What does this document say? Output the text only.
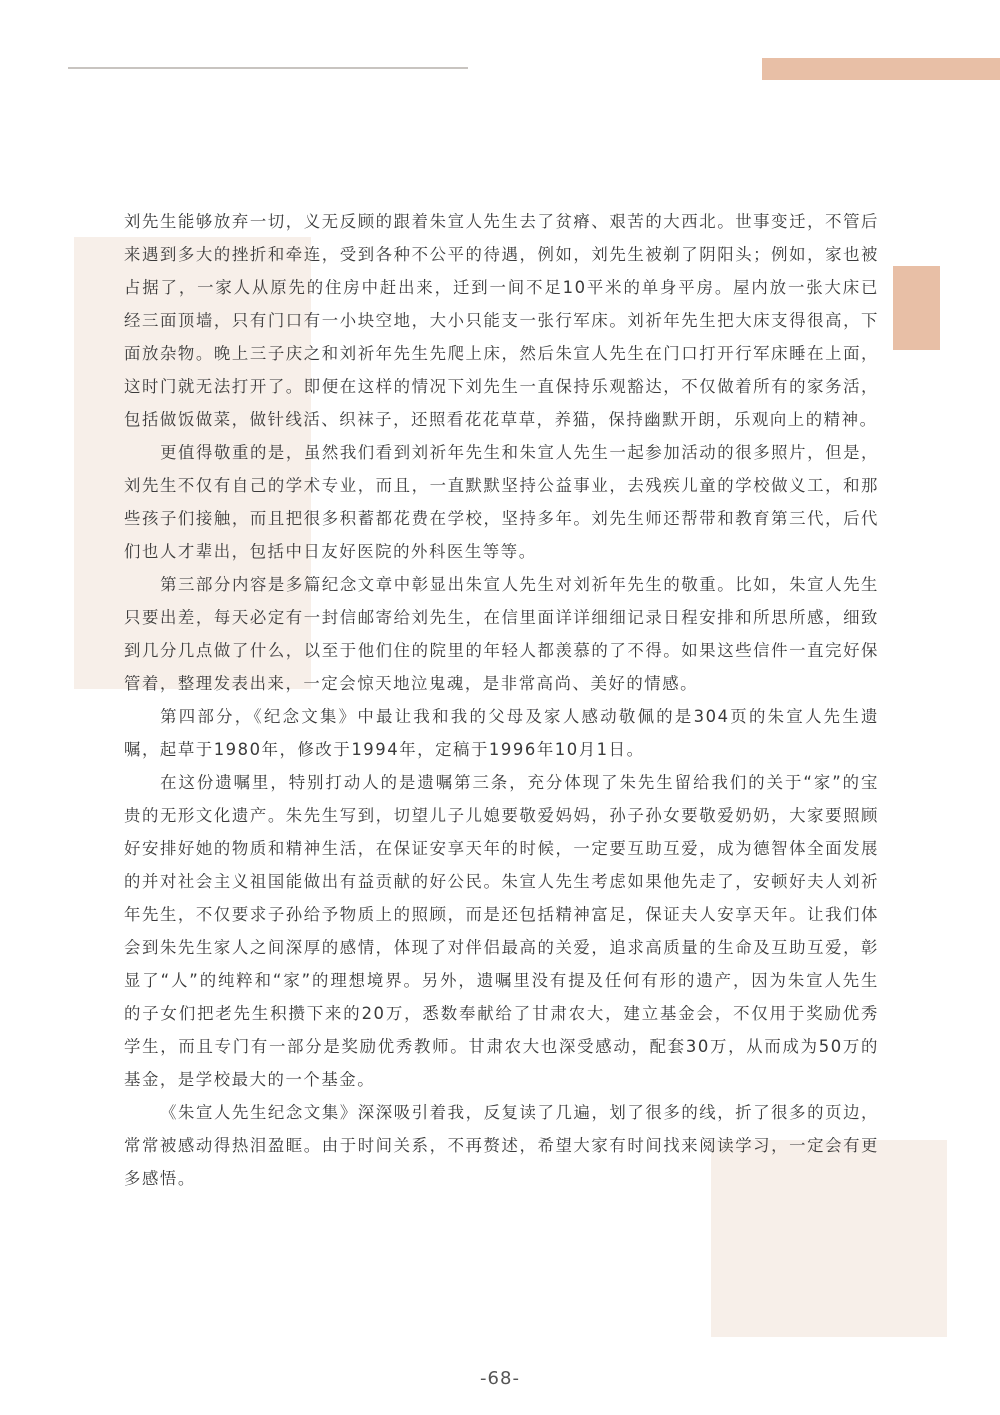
刘先生能够放弃一切，义无反顾的跟着朱宣人先生去了贫瘠、艰苦的大西北。世事变迁，不管后来遇到多大的挫折和牵连，受到各种不公平的待遇，例如，刘先生被剃了阴阳头；例如，家也被占据了，一家人从原先的住房中赶出来，迁到一间不足10平米的单身平房。屋内放一张大床已经三面顶墙，只有门口有一小块空地，大小只能支一张行军床。刘祈年先生把大床支得很高，下面放杂物。晚上三子庆之和刘祈年先生先爬上床，然后朱宣人先生在门口打开行军床睡在上面，这时门就无法打开了。即便在这样的情况下刘先生一直保持乐观豁达，不仅做着所有的家务活，包括做饭做菜，做针线活、织袜子，还照看花花草草，养猫，保持幽默开朗，乐观向上的精神。

更值得敬重的是，虽然我们看到刘祈年先生和朱宣人先生一起参加活动的很多照片，但是，刘先生不仅有自己的学术专业，而且，一直默默坚持公益事业，去残疾儿童的学校做义工，和那些孩子们接触，而且把很多积蓄都花费在学校，坚持多年。刘先生师还帮带和教育第三代，后代们也人才辈出，包括中日友好医院的外科医生等等。

第三部分内容是多篇纪念文章中彰显出朱宣人先生对刘祈年先生的敬重。比如，朱宣人先生只要出差，每天必定有一封信邮寄给刘先生，在信里面详详细细记录日程安排和所思所感，细致到几分几点做了什么，以至于他们住的院里的年轻人都羡慕的了不得。如果这些信件一直完好保管着，整理发表出来，一定会惊天地泣鬼魂，是非常高尚、美好的情感。

第四部分，《纪念文集》中最让我和我的父母及家人感动敬佩的是304页的朱宣人先生遗嘱，起草于1980年，修改于1994年，定稿于1996年10月1日。

在这份遗嘱里，特别打动人的是遗嘱第三条，充分体现了朱先生留给我们的关于“家”的宝贵的无形文化遗产。朱先生写到，切望儿子儿媳要敬爱妈妈，孙子孙女要敬爱奶奶，大家要照顾好安排好她的物质和精神生活，在保证安享天年的时候，一定要互助互爱，成为德智体全面发展的并对社会主义祖国能做出有益贡献的好公民。朱宣人先生考虑如果他先走了，安顿好夫人刘祈年先生，不仅要求子孙给予物质上的照顾，而是还包括精神富足，保证夫人安享天年。让我们体会到朱先生家人之间深厚的感情，体现了对伴侣最高的关爱，追求高质量的生命及互助互爱，彰显了“人”的纯粹和“家”的理想境界。另外，遗嘱里没有提及任何有形的遗产，因为朱宣人先生的子女们把老先生积攒下来的20万，悉数奉献给了甘肃农大，建立基金会，不仅用于奖励优秀学生，而且专门有一部分是奖励优秀教师。甘肃农大也深受感动，配套30万，从而成为50万的基金，是学校最大的一个基金。

《朱宣人先生纪念文集》深深吸引着我，反复读了几遍，划了很多的线，折了很多的页边，常常被感动得热泪盈眶。由于时间关系，不再赘述，希望大家有时间找来阅读学习，一定会有更多感悟。

-68-
